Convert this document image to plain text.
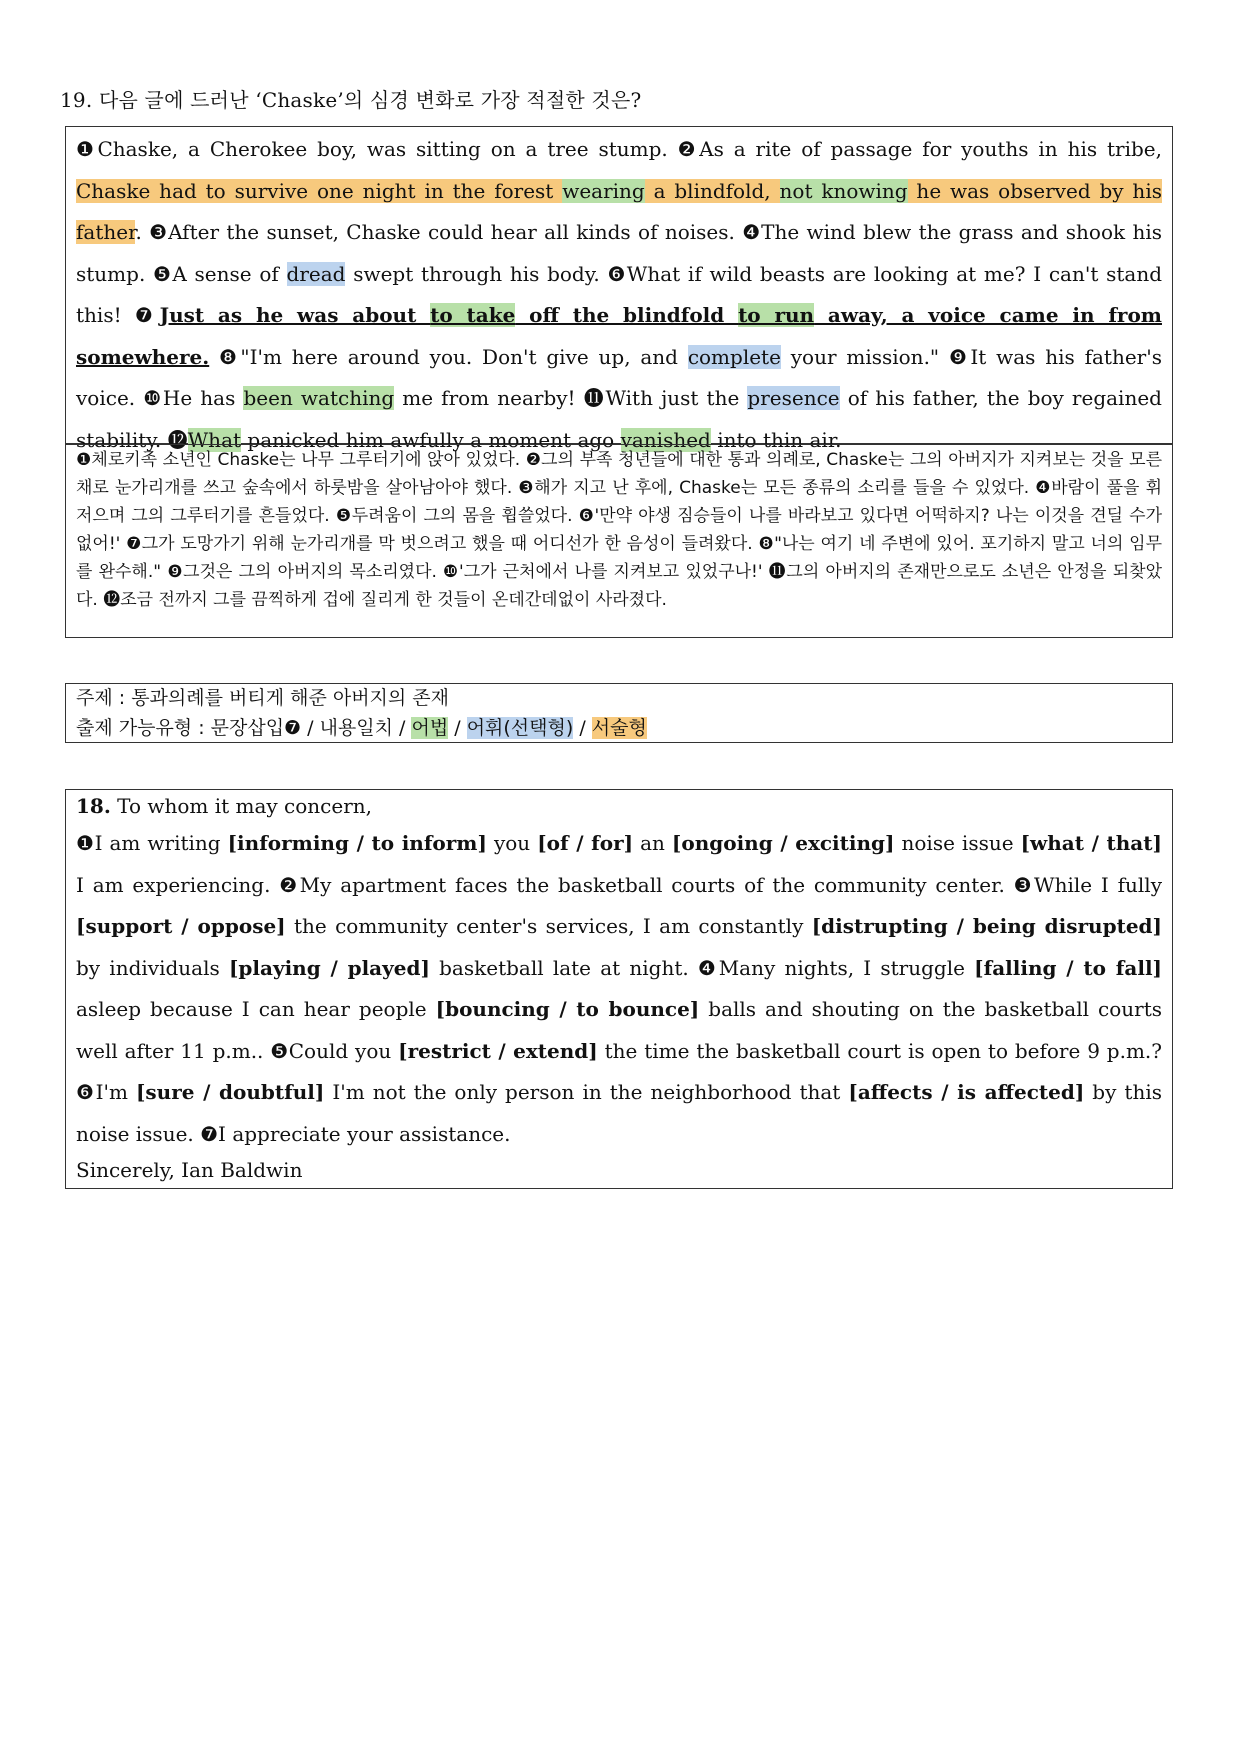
19. 다음 글에 드러난 ‘Chaske’의 심경 변화로 가장 적절한 것은?
❶Chaske, a Cherokee boy, was sitting on a tree stump. ❷As a rite of passage for youths in his tribe, Chaske had to survive one night in the forest wearing a blindfold, not knowing he was observed by his father. ❸After the sunset, Chaske could hear all kinds of noises. ❹The wind blew the grass and shook his stump. ❺A sense of dread swept through his body. ❻What if wild beasts are looking at me? I can't stand this! ❼Just as he was about to take off the blindfold to run away, a voice came in from somewhere. ❽"I'm here around you. Don't give up, and complete your mission." ❾It was his father's voice. ❿He has been watching me from nearby! ⓫With just the presence of his father, the boy regained stability. ⓬What panicked him awfully a moment ago vanished into thin air.
❶체로키족 소년인 Chaske는 나무 그루터기에 앉아 있었다. ❷그의 부족 청년들에 대한 통과 의례로, Chaske는 그의 아버지가 지켜보는 것을 모른 채로 눈가리개를 쓰고 숲속에서 하룻밤을 살아남아야 했다. ❸해가 지고 난 후에, Chaske는 모든 종류의 소리를 들을 수 있었다. ❹바람이 풀을 휘저으며 그의 그루터기를 흔들었다. ❺두려움이 그의 몸을 휩쓸었다. ❻'만약 야생 짐승들이 나를 바라보고 있다면 어떡하지? 나는 이것을 견딜 수가 없어!' ❼그가 도망가기 위해 눈가리개를 막 벗으려고 했을 때 어디선가 한 음성이 들려왔다. ❽"나는 여기 네 주변에 있어. 포기하지 말고 너의 임무를 완수해." ❾그것은 그의 아버지의 목소리였다. ❿'그가 근처에서 나를 지켜보고 있었구나!' ⓫그의 아버지의 존재만으로도 소년은 안정을 되찾았다. ⓬조금 전까지 그를 끔찍하게 겁에 질리게 한 것들이 온데간데없이 사라졌다.
주제 : 통과의례를 버티게 해준 아버지의 존재
출제 가능유형 : 문장삽입❼ / 내용일치 / 어법 / 어휘(선택형) / 서술형
18. To whom it may concern,
❶I am writing [informing / to inform] you [of / for] an [ongoing / exciting] noise issue [what / that] I am experiencing. ❷My apartment faces the basketball courts of the community center. ❸While I fully [support / oppose] the community center's services, I am constantly [distrupting / being disrupted] by individuals [playing / played] basketball late at night. ❹Many nights, I struggle [falling / to fall] asleep because I can hear people [bouncing / to bounce] balls and shouting on the basketball courts well after 11 p.m.. ❺Could you [restrict / extend] the time the basketball court is open to before 9 p.m.? ❻I'm [sure / doubtful] I'm not the only person in the neighborhood that [affects / is affected] by this noise issue. ❼I appreciate your assistance.
Sincerely, Ian Baldwin
